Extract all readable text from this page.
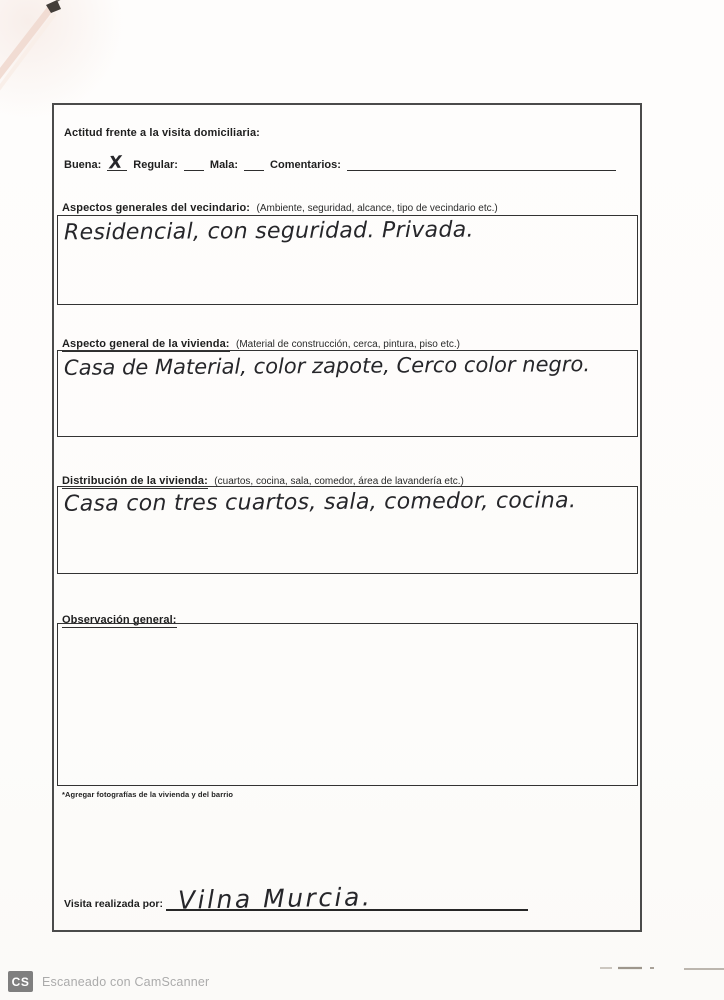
Actitud frente a la visita domiciliaria:
Buena: X Regular:	Mala:	Comentarios:
Aspectos generales del vecindario: (Ambiente, seguridad, alcance, tipo de vecindario etc.)
Residencial, con seguridad. Privada.
Aspecto general de la vivienda: (Material de construcción, cerca, pintura, piso etc.)
Casa de Material, color zapote, Cerco color negro.
Distribución de la vivienda: (cuartos, cocina, sala, comedor, área de lavandería etc.)
Casa con tres cuartos, sala, comedor, cocina.
Observación general:
*Agregar fotografías de la vivienda y del barrio
Visita realizada por: Vilna Murcia.
CS Escaneado con CamScanner
